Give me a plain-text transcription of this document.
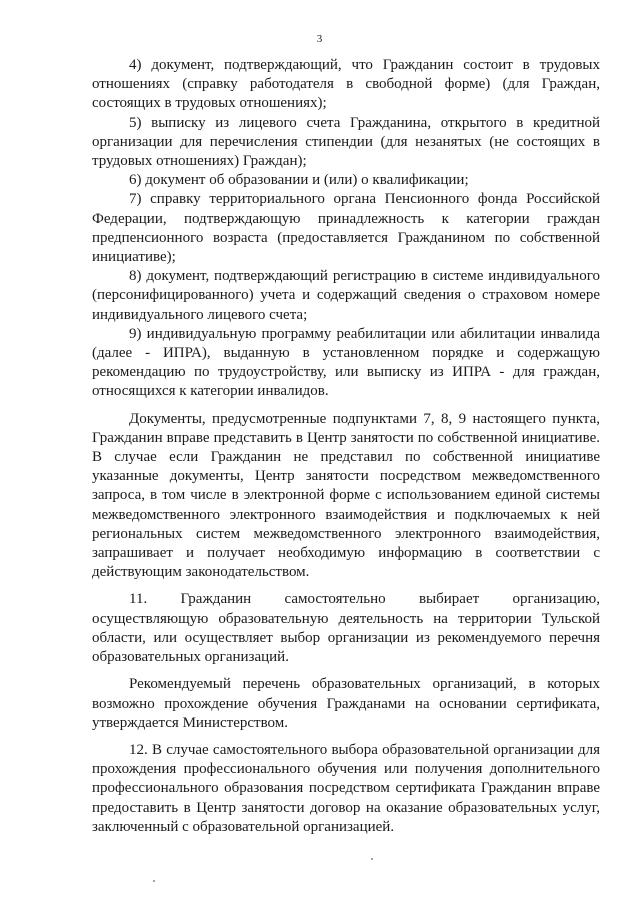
3

4) документ, подтверждающий, что Гражданин состоит в трудовых отношениях (справку работодателя в свободной форме) (для Граждан, состоящих в трудовых отношениях);

5) выписку из лицевого счета Гражданина, открытого в кредитной организации для перечисления стипендии (для незанятых (не состоящих в трудовых отношениях) Граждан);

6) документ об образовании и (или) о квалификации;

7) справку территориального органа Пенсионного фонда Российской Федерации, подтверждающую принадлежность к категории граждан предпенсионного возраста (предоставляется Гражданином по собственной инициативе);

8) документ, подтверждающий регистрацию в системе индивидуального (персонифицированного) учета и содержащий сведения о страховом номере индивидуального лицевого счета;

9) индивидуальную программу реабилитации или абилитации инвалида (далее - ИПРА), выданную в установленном порядке и содержащую рекомендацию по трудоустройству, или выписку из ИПРА - для граждан, относящихся к категории инвалидов.

Документы, предусмотренные подпунктами 7, 8, 9 настоящего пункта, Гражданин вправе представить в Центр занятости по собственной инициативе. В случае если Гражданин не представил по собственной инициативе указанные документы, Центр занятости посредством межведомственного запроса, в том числе в электронной форме с использованием единой системы межведомственного электронного взаимодействия и подключаемых к ней региональных систем межведомственного электронного взаимодействия, запрашивает и получает необходимую информацию в соответствии с действующим законодательством.

11. Гражданин самостоятельно выбирает организацию, осуществляющую образовательную деятельность на территории Тульской области, или осуществляет выбор организации из рекомендуемого перечня образовательных организаций.

Рекомендуемый перечень образовательных организаций, в которых возможно прохождение обучения Гражданами на основании сертификата, утверждается Министерством.

12. В случае самостоятельного выбора образовательной организации для прохождения профессионального обучения или получения дополнительного профессионального образования посредством сертификата Гражданин вправе предоставить в Центр занятости договор на оказание образовательных услуг, заключенный с образовательной организацией.
